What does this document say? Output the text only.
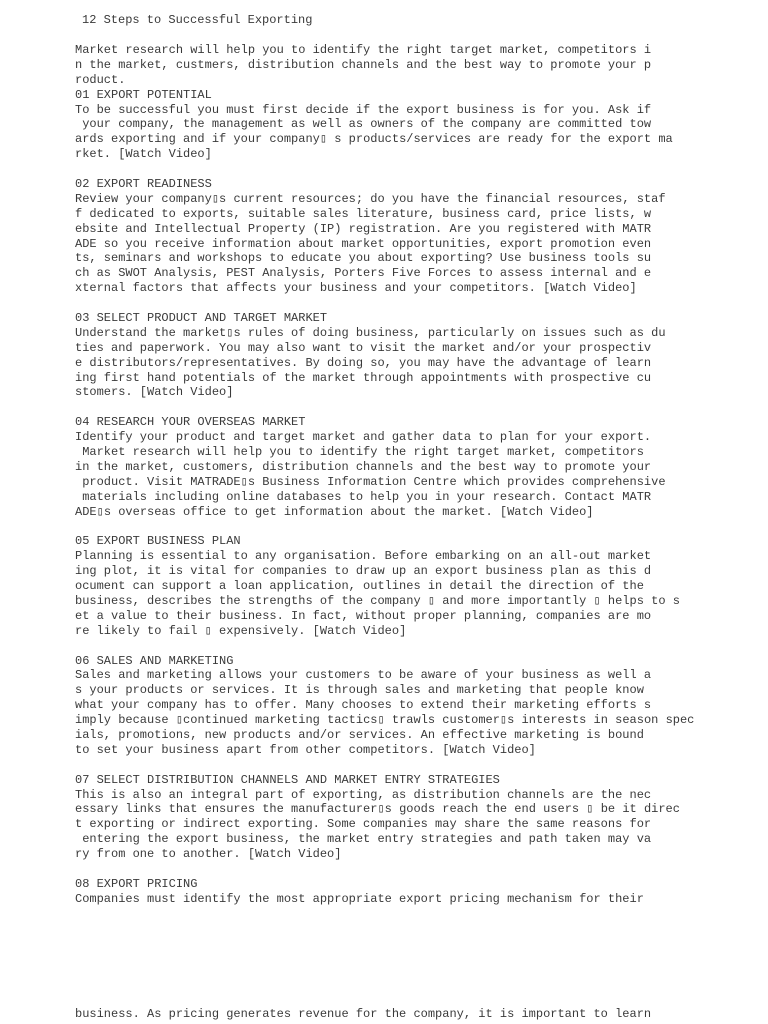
12 Steps to Successful Exporting
Market research will help you to identify the right target market, competitors i
n the market, custmers, distribution channels and the best way to promote your p
roduct.
01 EXPORT POTENTIAL
To be successful you must first decide if the export business is for you. Ask if
your company, the management as well as owners of the company are committed tow
ards exporting and if your company▯ s products/services are ready for the export ma
rket. [Watch Video]
02 EXPORT READINESS
Review your company▯s current resources; do you have the financial resources, staf
f dedicated to exports, suitable sales literature, business card, price lists, w
ebsite and Intellectual Property (IP) registration. Are you registered with MATR
ADE so you receive information about market opportunities, export promotion even
ts, seminars and workshops to educate you about exporting? Use business tools su
ch as SWOT Analysis, PEST Analysis, Porters Five Forces to assess internal and e
xternal factors that affects your business and your competitors. [Watch Video]
03 SELECT PRODUCT AND TARGET MARKET
Understand the market▯s rules of doing business, particularly on issues such as du
ties and paperwork. You may also want to visit the market and/or your prospectiv
e distributors/representatives. By doing so, you may have the advantage of learn
ing first hand potentials of the market through appointments with prospective cu
stomers. [Watch Video]
04 RESEARCH YOUR OVERSEAS MARKET
Identify your product and target market and gather data to plan for your export.
Market research will help you to identify the right target market, competitors
in the market, customers, distribution channels and the best way to promote your
product. Visit MATRADE▯s Business Information Centre which provides comprehensive
materials including online databases to help you in your research. Contact MATR
ADE▯s overseas office to get information about the market. [Watch Video]
05 EXPORT BUSINESS PLAN
Planning is essential to any organisation. Before embarking on an all-out market
ing plot, it is vital for companies to draw up an export business plan as this d
ocument can support a loan application, outlines in detail the direction of the
business, describes the strengths of the company ▯ and more importantly ▯ helps to s
et a value to their business. In fact, without proper planning, companies are mo
re likely to fail ▯ expensively. [Watch Video]
06 SALES AND MARKETING
Sales and marketing allows your customers to be aware of your business as well a
s your products or services. It is through sales and marketing that people know
what your company has to offer. Many chooses to extend their marketing efforts s
imply because ▯continued marketing tactics▯ trawls customer▯s interests in season spec
ials, promotions, new products and/or services. An effective marketing is bound
to set your business apart from other competitors. [Watch Video]
07 SELECT DISTRIBUTION CHANNELS AND MARKET ENTRY STRATEGIES
This is also an integral part of exporting, as distribution channels are the nec
essary links that ensures the manufacturer▯s goods reach the end users ▯ be it direc
t exporting or indirect exporting. Some companies may share the same reasons for
entering the export business, the market entry strategies and path taken may va
ry from one to another. [Watch Video]
08 EXPORT PRICING
Companies must identify the most appropriate export pricing mechanism for their
business. As pricing generates revenue for the company, it is important to learn
